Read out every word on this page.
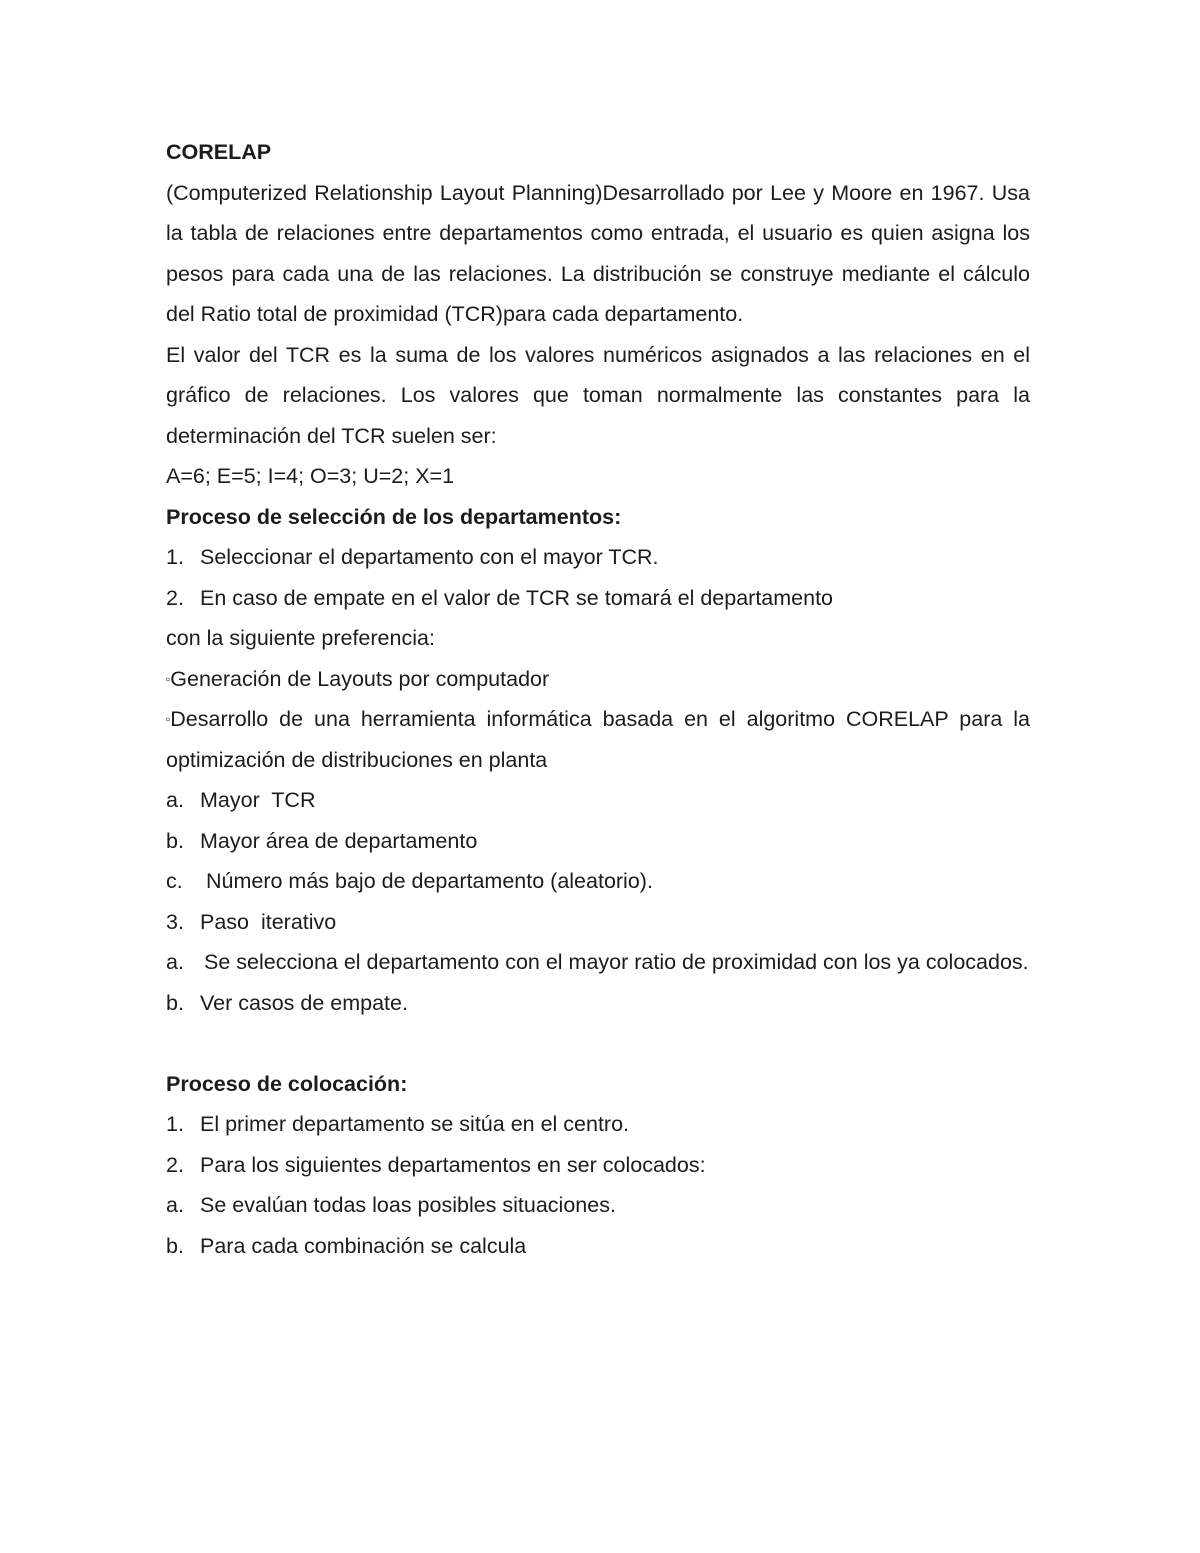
CORELAP

(Computerized Relationship Layout Planning)Desarrollado por Lee y Moore en 1967. Usa la tabla de relaciones entre departamentos como entrada, el usuario es quien asigna los pesos para cada una de las relaciones. La distribución se construye mediante el cálculo del Ratio total de proximidad (TCR)para cada departamento.

El valor del TCR es la suma de los valores numéricos asignados a las relaciones en el gráfico de relaciones. Los valores que toman normalmente las constantes para la determinación del TCR suelen ser:

A=6; E=5; I=4; O=3; U=2; X=1

Proceso de selección de los departamentos:

1. Seleccionar el departamento con el mayor TCR.

2. En caso de empate en el valor de TCR se tomará el departamento

con la siguiente preferencia:

▫Generación de Layouts por computador

▫Desarrollo de una herramienta informática basada en el algoritmo CORELAP para la optimización de distribuciones en planta

a. Mayor  TCR

b. Mayor área de departamento

c. Número más bajo de departamento (aleatorio).

3. Paso  iterativo

a. Se selecciona el departamento con el mayor ratio de proximidad con los ya colocados.

b. Ver casos de empate.

Proceso de colocación:

1. El primer departamento se sitúa en el centro.

2. Para los siguientes departamentos en ser colocados:

a. Se evalúan todas loas posibles situaciones.

b. Para cada combinación se calcula
